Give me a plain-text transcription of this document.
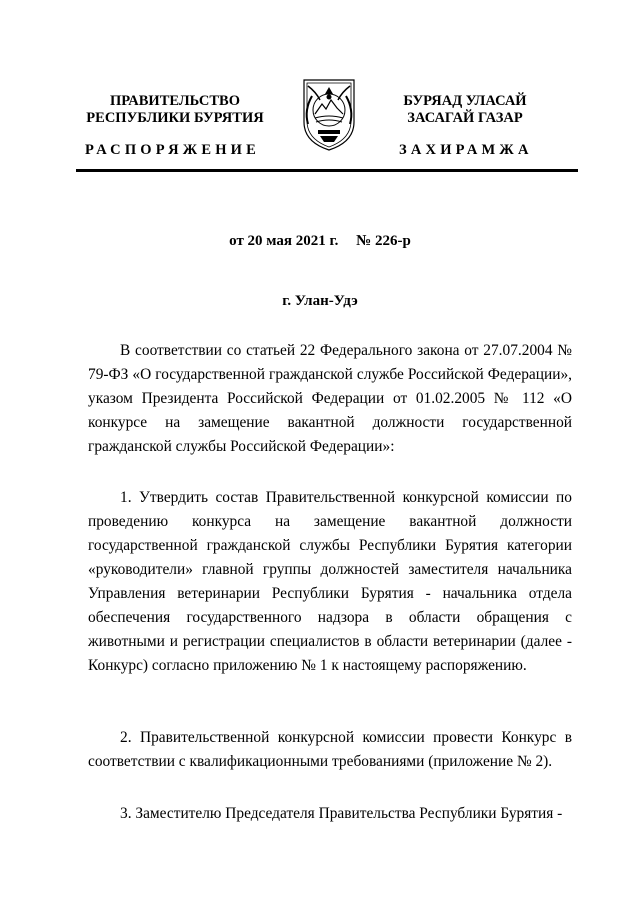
ПРАВИТЕЛЬСТВО
РЕСПУБЛИКИ БУРЯТИЯ
БУРЯАД УЛАСАЙ
ЗАСАГАЙ ГАЗАР
РАСПОРЯЖЕНИЕ	ЗАХИРАМЖА
от 20 мая 2021 г. № 226-р
г. Улан-Удэ

В соответствии со статьей 22 Федерального закона от 27.07.2004 № 79-ФЗ «О государственной гражданской службе Российской Федерации», указом Президента Российской Федерации от 01.02.2005 № 112 «О конкурсе на замещение вакантной должности государственной гражданской службы Российской Федерации»:

1. Утвердить состав Правительственной конкурсной комиссии по проведению конкурса на замещение вакантной должности государственной гражданской службы Республики Бурятия категории «руководители» главной группы должностей заместителя начальника Управления ветеринарии Республики Бурятия - начальника отдела обеспечения государственного надзора в области обращения с животными и регистрации специалистов в области ветеринарии (далее - Конкурс) согласно приложению № 1 к настоящему распоряжению.

2. Правительственной конкурсной комиссии провести Конкурс в соответствии с квалификационными требованиями (приложение № 2).

3. Заместителю Председателя Правительства Республики Бурятия -
